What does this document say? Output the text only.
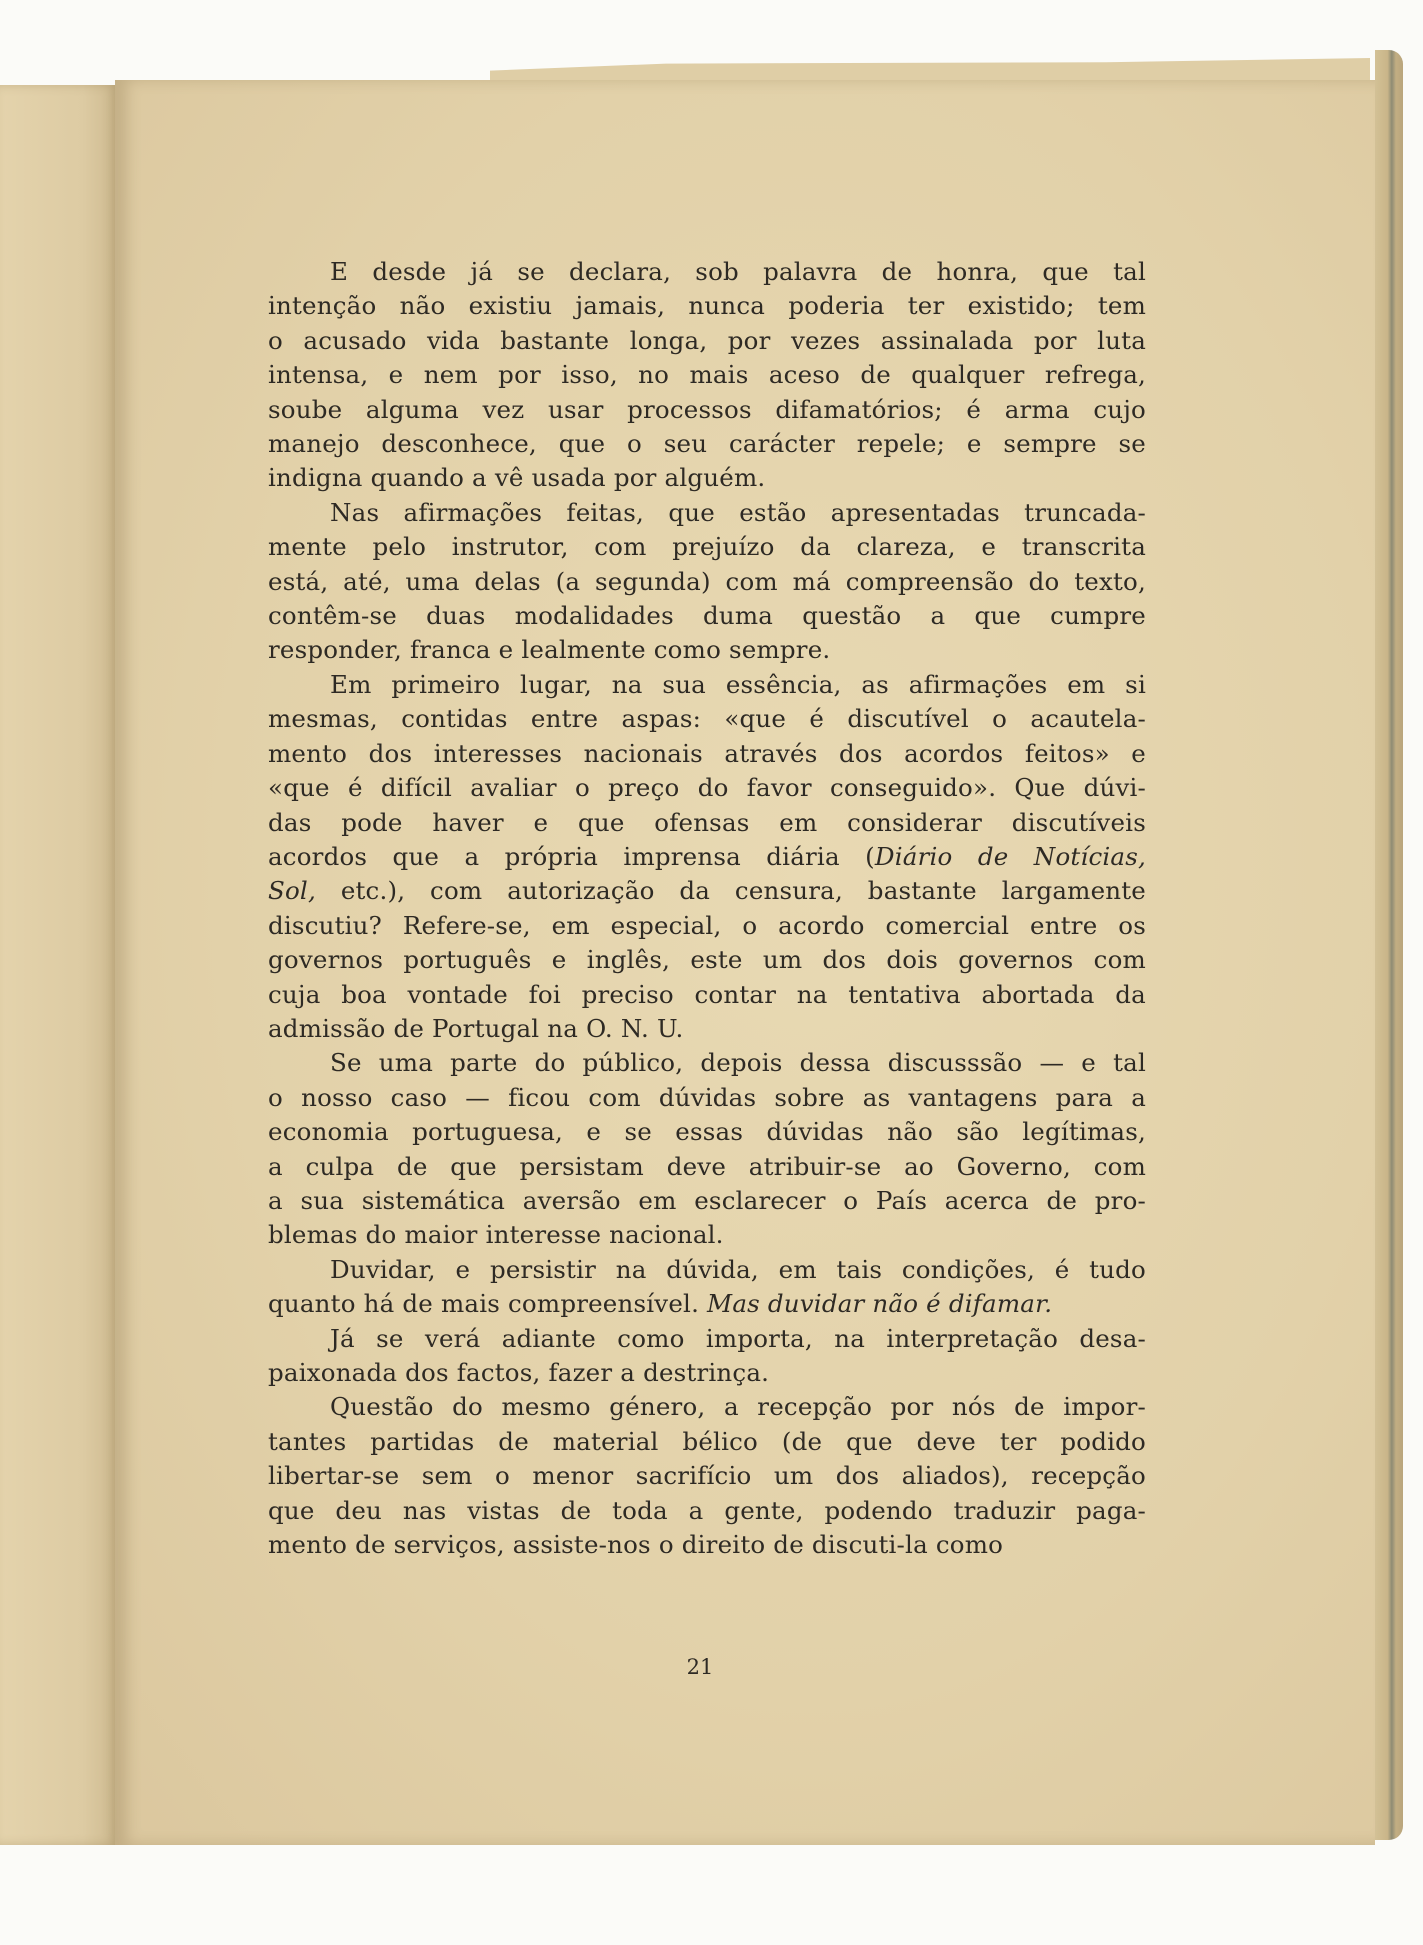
E desde já se declara, sob palavra de honra, que tal
intenção não existiu jamais, nunca poderia ter existido; tem
o acusado vida bastante longa, por vezes assinalada por luta
intensa, e nem por isso, no mais aceso de qualquer refrega,
soube alguma vez usar processos difamatórios; é arma cujo
manejo desconhece, que o seu carácter repele; e sempre se
indigna quando a vê usada por alguém.
Nas afirmações feitas, que estão apresentadas truncada-
mente pelo instrutor, com prejuízo da clareza, e transcrita
está, até, uma delas (a segunda) com má compreensão do texto,
contêm-se duas modalidades duma questão a que cumpre
responder, franca e lealmente como sempre.
Em primeiro lugar, na sua essência, as afirmações em si
mesmas, contidas entre aspas: «que é discutível o acautela-
mento dos interesses nacionais através dos acordos feitos» e
«que é difícil avaliar o preço do favor conseguido». Que dúvi-
das pode haver e que ofensas em considerar discutíveis
acordos que a própria imprensa diária (Diário de Notícias,
Sol, etc.), com autorização da censura, bastante largamente
discutiu? Refere-se, em especial, o acordo comercial entre os
governos português e inglês, este um dos dois governos com
cuja boa vontade foi preciso contar na tentativa abortada da
admissão de Portugal na O. N. U.
Se uma parte do público, depois dessa discusssão — e tal
o nosso caso — ficou com dúvidas sobre as vantagens para a
economia portuguesa, e se essas dúvidas não são legítimas,
a culpa de que persistam deve atribuir-se ao Governo, com
a sua sistemática aversão em esclarecer o País acerca de pro-
blemas do maior interesse nacional.
Duvidar, e persistir na dúvida, em tais condições, é tudo
quanto há de mais compreensível. Mas duvidar não é difamar.
Já se verá adiante como importa, na interpretação desa-
paixonada dos factos, fazer a destrinça.
Questão do mesmo género, a recepção por nós de impor-
tantes partidas de material bélico (de que deve ter podido
libertar-se sem o menor sacrifício um dos aliados), recepção
que deu nas vistas de toda a gente, podendo traduzir paga-
mento de serviços, assiste-nos o direito de discuti-la como
21
